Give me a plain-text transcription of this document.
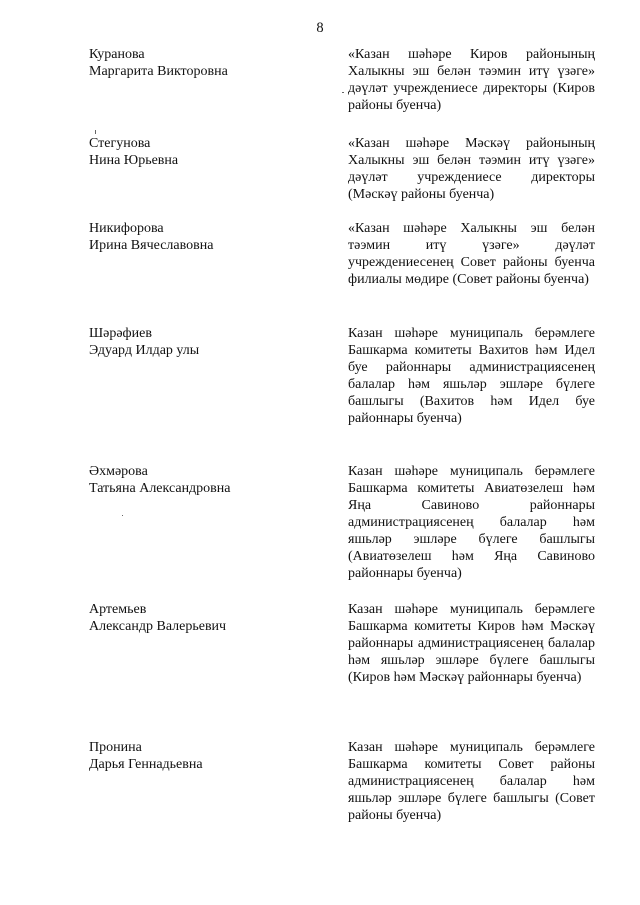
8
Куранова
Маргарита Викторовна
«Казан шәһәре Киров районының Халыкны эш белән тәэмин итү үзәге» дәүләт учреждениесе директоры (Киров районы буенча)
Стегунова
Нина Юрьевна
«Казан шәһәре Мәскәү районының Халыкны эш белән тәэмин итү үзәге» дәүләт учреждениесе директоры (Мәскәү районы буенча)
Никифорова
Ирина Вячеславовна
«Казан шәһәре Халыкны эш белән тәэмин итү үзәге» дәүләт учреждениесенең Совет районы буенча филиалы мөдире (Совет районы буенча)
Шәрәфиев
Эдуард Илдар улы
Казан шәһәре муниципаль берәмлеге Башкарма комитеты Вахитов һәм Идел буе районнары администрациясенең балалар һәм яшьләр эшләре бүлеге башлыгы (Вахитов һәм Идел буе районнары буенча)
Әхмәрова
Татьяна Александровна
Казан шәһәре муниципаль берәмлеге Башкарма комитеты Авиатөзелеш һәм Яңа Савиново районнары администрациясенең балалар һәм яшьләр эшләре бүлеге башлыгы (Авиатөзелеш һәм Яңа Савиново районнары буенча)
Артемьев
Александр Валерьевич
Казан шәһәре муниципаль берәмлеге Башкарма комитеты Киров һәм Мәскәү районнары администрациясенең балалар һәм яшьләр эшләре бүлеге башлыгы (Киров һәм Мәскәү районнары буенча)
Пронина
Дарья Геннадьевна
Казан шәһәре муниципаль берәмлеге Башкарма комитеты Совет районы администрациясенең балалар һәм яшьләр эшләре бүлеге башлыгы (Совет районы буенча)
